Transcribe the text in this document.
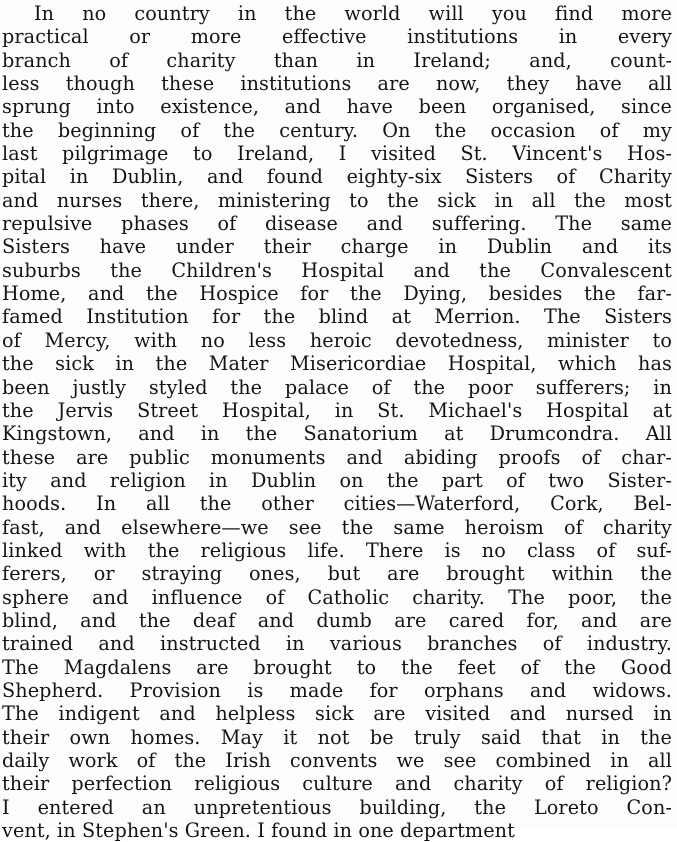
In no country in the world will you find more
practical or more effective institutions in every
branch of charity than in Ireland; and, count-
less though these institutions are now, they have all
sprung into existence, and have been organised, since
the beginning of the century. On the occasion of my
last pilgrimage to Ireland, I visited St. Vincent's Hos-
pital in Dublin, and found eighty-six Sisters of Charity
and nurses there, ministering to the sick in all the most
repulsive phases of disease and suffering. The same
Sisters have under their charge in Dublin and its
suburbs the Children's Hospital and the Convalescent
Home, and the Hospice for the Dying, besides the far-
famed Institution for the blind at Merrion. The Sisters
of Mercy, with no less heroic devotedness, minister to
the sick in the Mater Misericordiae Hospital, which has
been justly styled the palace of the poor sufferers; in
the Jervis Street Hospital, in St. Michael's Hospital at
Kingstown, and in the Sanatorium at Drumcondra. All
these are public monuments and abiding proofs of char-
ity and religion in Dublin on the part of two Sister-
hoods. In all the other cities—Waterford, Cork, Bel-
fast, and elsewhere—we see the same heroism of charity
linked with the religious life. There is no class of suf-
ferers, or straying ones, but are brought within the
sphere and influence of Catholic charity. The poor, the
blind, and the deaf and dumb are cared for, and are
trained and instructed in various branches of industry.
The Magdalens are brought to the feet of the Good
Shepherd. Provision is made for orphans and widows.
The indigent and helpless sick are visited and nursed in
their own homes. May it not be truly said that in the
daily work of the Irish convents we see combined in all
their perfection religious culture and charity of religion?
I entered an unpretentious building, the Loreto Con-
vent, in Stephen's Green. I found in one department
